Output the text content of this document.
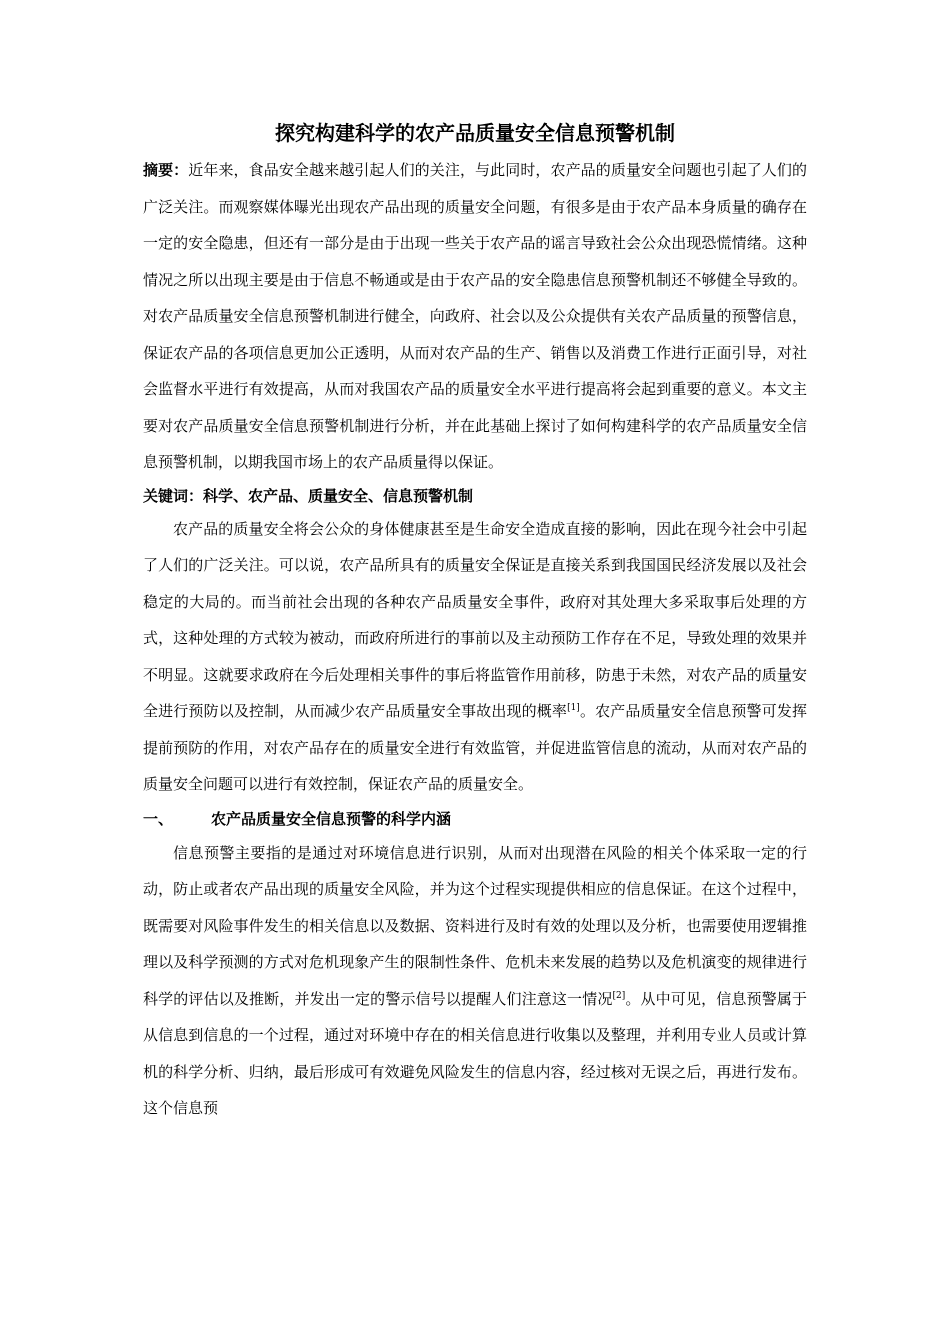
探究构建科学的农产品质量安全信息预警机制

摘要：近年来，食品安全越来越引起人们的关注，与此同时，农产品的质量安全问题也引起了人们的广泛关注。而观察媒体曝光出现农产品出现的质量安全问题，有很多是由于农产品本身质量的确存在一定的安全隐患，但还有一部分是由于出现一些关于农产品的谣言导致社会公众出现恐慌情绪。这种情况之所以出现主要是由于信息不畅通或是由于农产品的安全隐患信息预警机制还不够健全导致的。对农产品质量安全信息预警机制进行健全，向政府、社会以及公众提供有关农产品质量的预警信息，保证农产品的各项信息更加公正透明，从而对农产品的生产、销售以及消费工作进行正面引导，对社会监督水平进行有效提高，从而对我国农产品的质量安全水平进行提高将会起到重要的意义。本文主要对农产品质量安全信息预警机制进行分析，并在此基础上探讨了如何构建科学的农产品质量安全信息预警机制，以期我国市场上的农产品质量得以保证。

关键词：科学、农产品、质量安全、信息预警机制

农产品的质量安全将会公众的身体健康甚至是生命安全造成直接的影响，因此在现今社会中引起了人们的广泛关注。可以说，农产品所具有的质量安全保证是直接关系到我国国民经济发展以及社会稳定的大局的。而当前社会出现的各种农产品质量安全事件，政府对其处理大多采取事后处理的方式，这种处理的方式较为被动，而政府所进行的事前以及主动预防工作存在不足，导致处理的效果并不明显。这就要求政府在今后处理相关事件的事后将监管作用前移，防患于未然，对农产品的质量安全进行预防以及控制，从而减少农产品质量安全事故出现的概率[1]。农产品质量安全信息预警可发挥提前预防的作用，对农产品存在的质量安全进行有效监管，并促进监管信息的流动，从而对农产品的质量安全问题可以进行有效控制，保证农产品的质量安全。

一、	农产品质量安全信息预警的科学内涵

信息预警主要指的是通过对环境信息进行识别，从而对出现潜在风险的相关个体采取一定的行动，防止或者农产品出现的质量安全风险，并为这个过程实现提供相应的信息保证。在这个过程中，既需要对风险事件发生的相关信息以及数据、资料进行及时有效的处理以及分析，也需要使用逻辑推理以及科学预测的方式对危机现象产生的限制性条件、危机未来发展的趋势以及危机演变的规律进行科学的评估以及推断，并发出一定的警示信号以提醒人们注意这一情况[2]。从中可见，信息预警属于从信息到信息的一个过程，通过对环境中存在的相关信息进行收集以及整理，并利用专业人员或计算机的科学分析、归纳，最后形成可有效避免风险发生的信息内容，经过核对无误之后，再进行发布。这个信息预
